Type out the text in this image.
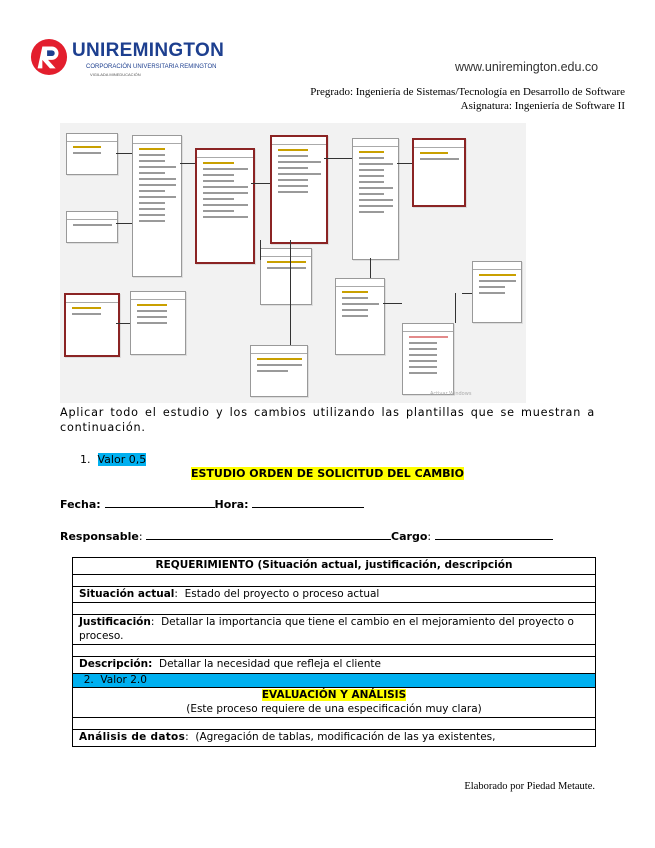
UNIREMINGTON
CORPORACIÓN UNIVERSITARIA REMINGTON
VIGILADA MINEDUCACIÓN
www.uniremington.edu.co
Pregrado: Ingeniería de Sistemas/Tecnología en Desarrollo de Software
Asignatura: Ingeniería de Software II

Activar Windows
Aplicar todo el estudio y los cambios utilizando las plantillas que se muestran a continuación.
1. Valor 0,5
ESTUDIO ORDEN DE SOLICITUD DEL CAMBIO
Fecha:	Hora:
Responsable:	Cargo:
REQUERIMIENTO (Situación actual, justificación, descripción

Situación actual:  Estado del proyecto o proceso actual

Justificación:  Detallar la importancia que tiene el cambio en el mejoramiento del proyecto o proceso.

Descripción: Detallar la necesidad que refleja el cliente
2. Valor 2.0
EVALUACIÓN Y ANÁLISIS
(Este proceso requiere de una especificación muy clara)

Análisis de datos:  (Agregación de tablas, modificación de las ya existentes,
Elaborado por Piedad Metaute.
